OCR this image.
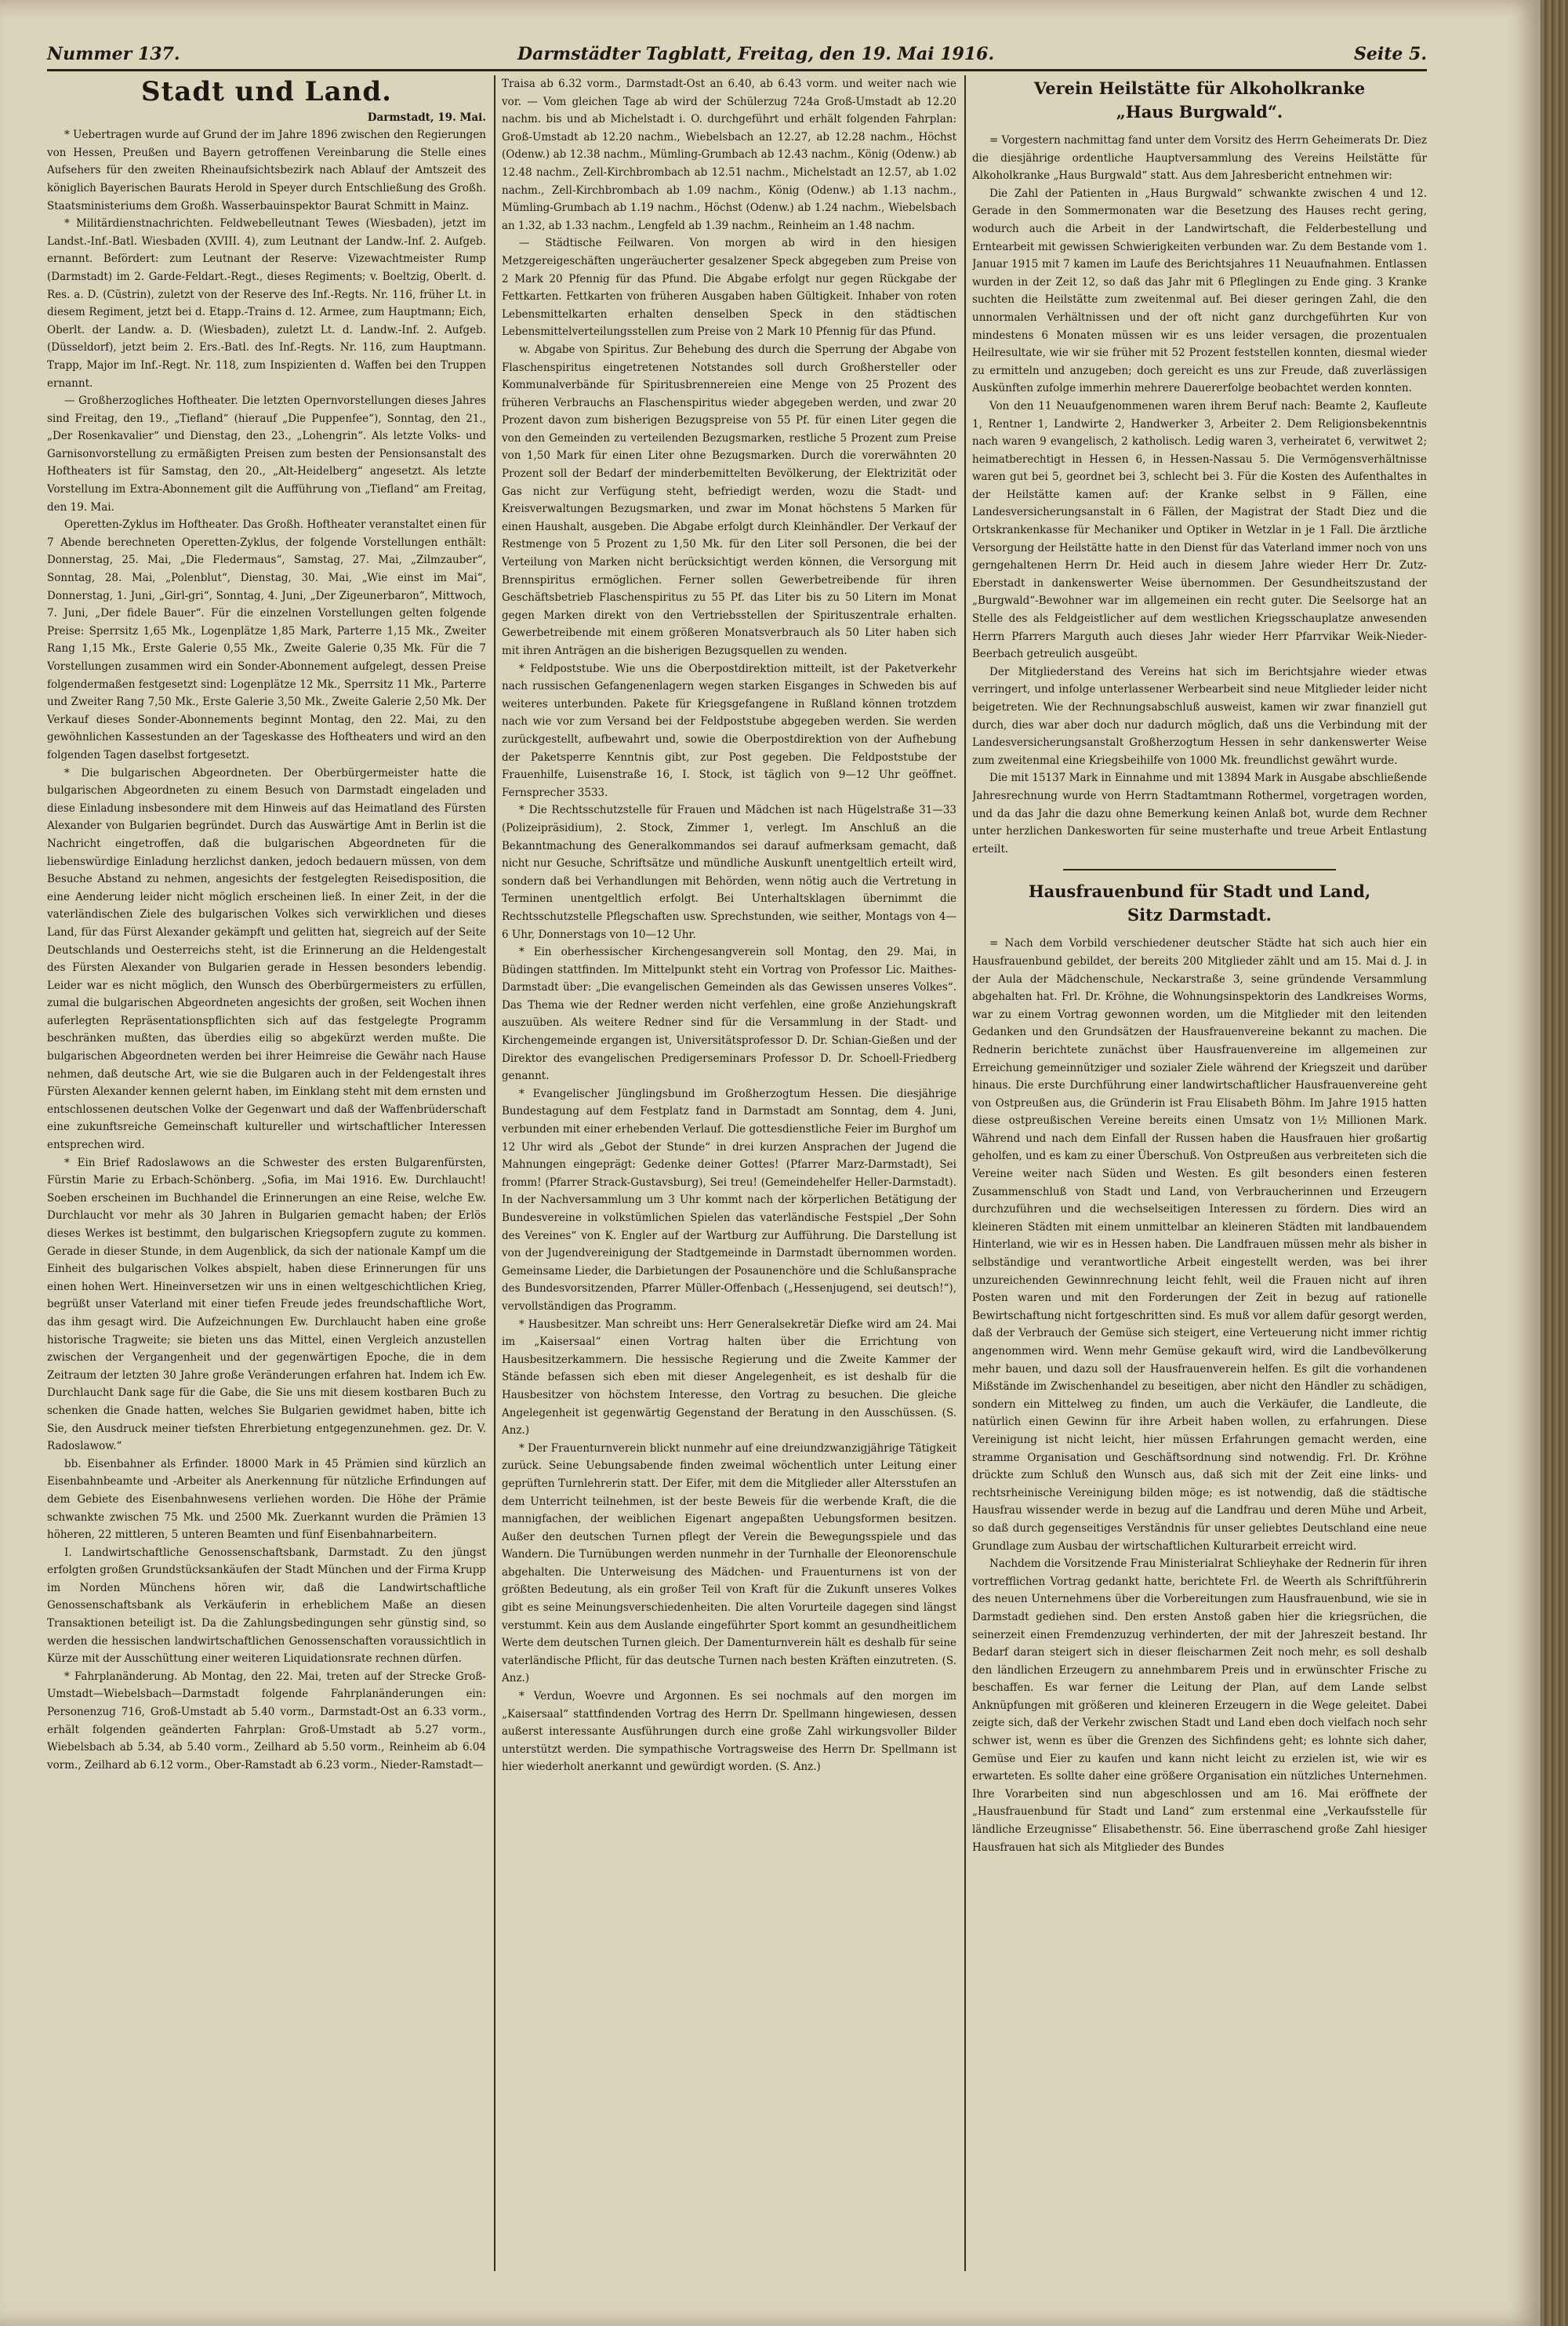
Nummer 137.	Darmstädter Tagblatt, Freitag, den 19. Mai 1916.	Seite 5.
Stadt und Land.

Darmstadt, 19. Mai.

* Uebertragen wurde auf Grund der im Jahre 1896 zwischen den Regierungen von Hessen, Preußen und Bayern getroffenen Vereinbarung die Stelle eines Aufsehers für den zweiten Rheinaufsichtsbezirk nach Ablauf der Amtszeit des königlich Bayerischen Baurats Herold in Speyer durch Entschließung des Großh. Staatsministeriums dem Großh. Wasserbauinspektor Baurat Schmitt in Mainz.

* Militärdienstnachrichten. Feldwebelleutnant Tewes (Wiesbaden), jetzt im Landst.-Inf.-Batl. Wiesbaden (XVIII. 4), zum Leutnant der Landw.-Inf. 2. Aufgeb. ernannt. Befördert: zum Leutnant der Reserve: Vizewachtmeister Rump (Darmstadt) im 2. Garde-Feldart.-Regt., dieses Regiments; v. Boeltzig, Oberlt. d. Res. a. D. (Cüstrin), zuletzt von der Reserve des Inf.-Regts. Nr. 116, früher Lt. in diesem Regiment, jetzt bei d. Etapp.-Trains d. 12. Armee, zum Hauptmann; Eich, Oberlt. der Landw. a. D. (Wiesbaden), zuletzt Lt. d. Landw.-Inf. 2. Aufgeb. (Düsseldorf), jetzt beim 2. Ers.-Batl. des Inf.-Regts. Nr. 116, zum Hauptmann. Trapp, Major im Inf.-Regt. Nr. 118, zum Inspizienten d. Waffen bei den Truppen ernannt.

— Großherzogliches Hoftheater. Die letzten Opernvorstellungen dieses Jahres sind Freitag, den 19., „Tiefland“ (hierauf „Die Puppenfee“), Sonntag, den 21., „Der Rosenkavalier“ und Dienstag, den 23., „Lohengrin“. Als letzte Volks- und Garnisonvorstellung zu ermäßigten Preisen zum besten der Pensionsanstalt des Hoftheaters ist für Samstag, den 20., „Alt-Heidelberg“ angesetzt. Als letzte Vorstellung im Extra-Abonnement gilt die Aufführung von „Tiefland“ am Freitag, den 19. Mai.

Operetten-Zyklus im Hoftheater. Das Großh. Hoftheater veranstaltet einen für 7 Abende berechneten Operetten-Zyklus, der folgende Vorstellungen enthält: Donnerstag, 25. Mai, „Die Fledermaus“, Samstag, 27. Mai, „Zilmzauber“, Sonntag, 28. Mai, „Polenblut“, Dienstag, 30. Mai, „Wie einst im Mai“, Donnerstag, 1. Juni, „Girl-gri“, Sonntag, 4. Juni, „Der Zigeunerbaron“, Mittwoch, 7. Juni, „Der fidele Bauer“. Für die einzelnen Vorstellungen gelten folgende Preise: Sperrsitz 1,65 Mk., Logenplätze 1,85 Mark, Parterre 1,15 Mk., Zweiter Rang 1,15 Mk., Erste Galerie 0,55 Mk., Zweite Galerie 0,35 Mk. Für die 7 Vorstellungen zusammen wird ein Sonder-Abonnement aufgelegt, dessen Preise folgendermaßen festgesetzt sind: Logenplätze 12 Mk., Sperrsitz 11 Mk., Parterre und Zweiter Rang 7,50 Mk., Erste Galerie 3,50 Mk., Zweite Galerie 2,50 Mk. Der Verkauf dieses Sonder-Abonnements beginnt Montag, den 22. Mai, zu den gewöhnlichen Kassestunden an der Tageskasse des Hoftheaters und wird an den folgenden Tagen daselbst fortgesetzt.

* Die bulgarischen Abgeordneten. Der Oberbürgermeister hatte die bulgarischen Abgeordneten zu einem Besuch von Darmstadt eingeladen und diese Einladung insbesondere mit dem Hinweis auf das Heimatland des Fürsten Alexander von Bulgarien begründet. Durch das Auswärtige Amt in Berlin ist die Nachricht eingetroffen, daß die bulgarischen Abgeordneten für die liebenswürdige Einladung herzlichst danken, jedoch bedauern müssen, von dem Besuche Abstand zu nehmen, angesichts der festgelegten Reisedisposition, die eine Aenderung leider nicht möglich erscheinen ließ. In einer Zeit, in der die vaterländischen Ziele des bulgarischen Volkes sich verwirklichen und dieses Land, für das Fürst Alexander gekämpft und gelitten hat, siegreich auf der Seite Deutschlands und Oesterreichs steht, ist die Erinnerung an die Heldengestalt des Fürsten Alexander von Bulgarien gerade in Hessen besonders lebendig. Leider war es nicht möglich, den Wunsch des Oberbürgermeisters zu erfüllen, zumal die bulgarischen Abgeordneten angesichts der großen, seit Wochen ihnen auferlegten Repräsentationspflichten sich auf das festgelegte Programm beschränken mußten, das überdies eilig so abgekürzt werden mußte. Die bulgarischen Abgeordneten werden bei ihrer Heimreise die Gewähr nach Hause nehmen, daß deutsche Art, wie sie die Bulgaren auch in der Feldengestalt ihres Fürsten Alexander kennen gelernt haben, im Einklang steht mit dem ernsten und entschlossenen deutschen Volke der Gegenwart und daß der Waffenbrüderschaft eine zukunftsreiche Gemeinschaft kultureller und wirtschaftlicher Interessen entsprechen wird.

* Ein Brief Radoslawows an die Schwester des ersten Bulgarenfürsten, Fürstin Marie zu Erbach-Schönberg. „Sofia, im Mai 1916. Ew. Durchlaucht! Soeben erscheinen im Buchhandel die Erinnerungen an eine Reise, welche Ew. Durchlaucht vor mehr als 30 Jahren in Bulgarien gemacht haben; der Erlös dieses Werkes ist bestimmt, den bulgarischen Kriegsopfern zugute zu kommen. Gerade in dieser Stunde, in dem Augenblick, da sich der nationale Kampf um die Einheit des bulgarischen Volkes abspielt, haben diese Erinnerungen für uns einen hohen Wert. Hineinversetzen wir uns in einen weltgeschichtlichen Krieg, begrüßt unser Vaterland mit einer tiefen Freude jedes freundschaftliche Wort, das ihm gesagt wird. Die Aufzeichnungen Ew. Durchlaucht haben eine große historische Tragweite; sie bieten uns das Mittel, einen Vergleich anzustellen zwischen der Vergangenheit und der gegenwärtigen Epoche, die in dem Zeitraum der letzten 30 Jahre große Veränderungen erfahren hat. Indem ich Ew. Durchlaucht Dank sage für die Gabe, die Sie uns mit diesem kostbaren Buch zu schenken die Gnade hatten, welches Sie Bulgarien gewidmet haben, bitte ich Sie, den Ausdruck meiner tiefsten Ehrerbietung entgegenzunehmen. gez. Dr. V. Radoslawow.“

bb. Eisenbahner als Erfinder. 18000 Mark in 45 Prämien sind kürzlich an Eisenbahnbeamte und -Arbeiter als Anerkennung für nützliche Erfindungen auf dem Gebiete des Eisenbahnwesens verliehen worden. Die Höhe der Prämie schwankte zwischen 75 Mk. und 2500 Mk. Zuerkannt wurden die Prämien 13 höheren, 22 mittleren, 5 unteren Beamten und fünf Eisenbahnarbeitern.

I. Landwirtschaftliche Genossenschaftsbank, Darmstadt. Zu den jüngst erfolgten großen Grundstücksankäufen der Stadt München und der Firma Krupp im Norden Münchens hören wir, daß die Landwirtschaftliche Genossenschaftsbank als Verkäuferin in erheblichem Maße an diesen Transaktionen beteiligt ist. Da die Zahlungsbedingungen sehr günstig sind, so werden die hessischen landwirtschaftlichen Genossenschaften voraussichtlich in Kürze mit der Ausschüttung einer weiteren Liquidationsrate rechnen dürfen.

* Fahrplanänderung. Ab Montag, den 22. Mai, treten auf der Strecke Groß-Umstadt—Wiebelsbach—Darmstadt folgende Fahrplanänderungen ein: Personenzug 716, Groß-Umstadt ab 5.40 vorm., Darmstadt-Ost an 6.33 vorm., erhält folgenden geänderten Fahrplan: Groß-Umstadt ab 5.27 vorm., Wiebelsbach ab 5.34, ab 5.40 vorm., Zeilhard ab 5.50 vorm., Reinheim ab 6.04 vorm., Zeilhard ab 6.12 vorm., Ober-Ramstadt ab 6.23 vorm., Nieder-Ramstadt—

Traisa ab 6.32 vorm., Darmstadt-Ost an 6.40, ab 6.43 vorm. und weiter nach wie vor. — Vom gleichen Tage ab wird der Schülerzug 724a Groß-Umstadt ab 12.20 nachm. bis und ab Michelstadt i. O. durchgeführt und erhält folgenden Fahrplan: Groß-Umstadt ab 12.20 nachm., Wiebelsbach an 12.27, ab 12.28 nachm., Höchst (Odenw.) ab 12.38 nachm., Mümling-Grumbach ab 12.43 nachm., König (Odenw.) ab 12.48 nachm., Zell-Kirchbrombach ab 12.51 nachm., Michelstadt an 12.57, ab 1.02 nachm., Zell-Kirchbrombach ab 1.09 nachm., König (Odenw.) ab 1.13 nachm., Mümling-Grumbach ab 1.19 nachm., Höchst (Odenw.) ab 1.24 nachm., Wiebelsbach an 1.32, ab 1.33 nachm., Lengfeld ab 1.39 nachm., Reinheim an 1.48 nachm.

— Städtische Feilwaren. Von morgen ab wird in den hiesigen Metzgereigeschäften ungeräucherter gesalzener Speck abgegeben zum Preise von 2 Mark 20 Pfennig für das Pfund. Die Abgabe erfolgt nur gegen Rückgabe der Fettkarten. Fettkarten von früheren Ausgaben haben Gültigkeit. Inhaber von roten Lebensmittelkarten erhalten denselben Speck in den städtischen Lebensmittelverteilungsstellen zum Preise von 2 Mark 10 Pfennig für das Pfund.

w. Abgabe von Spiritus. Zur Behebung des durch die Sperrung der Abgabe von Flaschenspiritus eingetretenen Notstandes soll durch Großhersteller oder Kommunalverbände für Spiritusbrennereien eine Menge von 25 Prozent des früheren Verbrauchs an Flaschenspiritus wieder abgegeben werden, und zwar 20 Prozent davon zum bisherigen Bezugspreise von 55 Pf. für einen Liter gegen die von den Gemeinden zu verteilenden Bezugsmarken, restliche 5 Prozent zum Preise von 1,50 Mark für einen Liter ohne Bezugsmarken. Durch die vorerwähnten 20 Prozent soll der Bedarf der minderbemittelten Bevölkerung, der Elektrizität oder Gas nicht zur Verfügung steht, befriedigt werden, wozu die Stadt- und Kreisverwaltungen Bezugsmarken, und zwar im Monat höchstens 5 Marken für einen Haushalt, ausgeben. Die Abgabe erfolgt durch Kleinhändler. Der Verkauf der Restmenge von 5 Prozent zu 1,50 Mk. für den Liter soll Personen, die bei der Verteilung von Marken nicht berücksichtigt werden können, die Versorgung mit Brennspiritus ermöglichen. Ferner sollen Gewerbetreibende für ihren Geschäftsbetrieb Flaschenspiritus zu 55 Pf. das Liter bis zu 50 Litern im Monat gegen Marken direkt von den Vertriebsstellen der Spirituszentrale erhalten. Gewerbetreibende mit einem größeren Monatsverbrauch als 50 Liter haben sich mit ihren Anträgen an die bisherigen Bezugsquellen zu wenden.

* Feldpoststube. Wie uns die Oberpostdirektion mitteilt, ist der Paketverkehr nach russischen Gefangenenlagern wegen starken Eisganges in Schweden bis auf weiteres unterbunden. Pakete für Kriegsgefangene in Rußland können trotzdem nach wie vor zum Versand bei der Feldpoststube abgegeben werden. Sie werden zurückgestellt, aufbewahrt und, sowie die Oberpostdirektion von der Aufhebung der Paketsperre Kenntnis gibt, zur Post gegeben. Die Feldpoststube der Frauenhilfe, Luisenstraße 16, I. Stock, ist täglich von 9—12 Uhr geöffnet. Fernsprecher 3533.

* Die Rechtsschutzstelle für Frauen und Mädchen ist nach Hügelstraße 31—33 (Polizeipräsidium), 2. Stock, Zimmer 1, verlegt. Im Anschluß an die Bekanntmachung des Generalkommandos sei darauf aufmerksam gemacht, daß nicht nur Gesuche, Schriftsätze und mündliche Auskunft unentgeltlich erteilt wird, sondern daß bei Verhandlungen mit Behörden, wenn nötig auch die Vertretung in Terminen unentgeltlich erfolgt. Bei Unterhaltsklagen übernimmt die Rechtsschutzstelle Pflegschaften usw. Sprechstunden, wie seither, Montags von 4—6 Uhr, Donnerstags von 10—12 Uhr.

* Ein oberhessischer Kirchengesangverein soll Montag, den 29. Mai, in Büdingen stattfinden. Im Mittelpunkt steht ein Vortrag von Professor Lic. Maithes-Darmstadt über: „Die evangelischen Gemeinden als das Gewissen unseres Volkes“. Das Thema wie der Redner werden nicht verfehlen, eine große Anziehungskraft auszuüben. Als weitere Redner sind für die Versammlung in der Stadt- und Kirchengemeinde ergangen ist, Universitätsprofessor D. Dr. Schian-Gießen und der Direktor des evangelischen Predigerseminars Professor D. Dr. Schoell-Friedberg genannt.

* Evangelischer Jünglingsbund im Großherzogtum Hessen. Die diesjährige Bundestagung auf dem Festplatz fand in Darmstadt am Sonntag, dem 4. Juni, verbunden mit einer erhebenden Verlauf. Die gottesdienstliche Feier im Burghof um 12 Uhr wird als „Gebot der Stunde“ in drei kurzen Ansprachen der Jugend die Mahnungen eingeprägt: Gedenke deiner Gottes! (Pfarrer Marz-Darmstadt), Sei fromm! (Pfarrer Strack-Gustavsburg), Sei treu! (Gemeindehelfer Heller-Darmstadt). In der Nachversammlung um 3 Uhr kommt nach der körperlichen Betätigung der Bundesvereine in volkstümlichen Spielen das vaterländische Festspiel „Der Sohn des Vereines“ von K. Engler auf der Wartburg zur Aufführung. Die Darstellung ist von der Jugendvereinigung der Stadtgemeinde in Darmstadt übernommen worden. Gemeinsame Lieder, die Darbietungen der Posaunenchöre und die Schlußansprache des Bundesvorsitzenden, Pfarrer Müller-Offenbach („Hessenjugend, sei deutsch!“), vervollständigen das Programm.

* Hausbesitzer. Man schreibt uns: Herr Generalsekretär Diefke wird am 24. Mai im „Kaisersaal“ einen Vortrag halten über die Errichtung von Hausbesitzerkammern. Die hessische Regierung und die Zweite Kammer der Stände befassen sich eben mit dieser Angelegenheit, es ist deshalb für die Hausbesitzer von höchstem Interesse, den Vortrag zu besuchen. Die gleiche Angelegenheit ist gegenwärtig Gegenstand der Beratung in den Ausschüssen. (S. Anz.)

* Der Frauenturnverein blickt nunmehr auf eine dreiundzwanzigjährige Tätigkeit zurück. Seine Uebungsabende finden zweimal wöchentlich unter Leitung einer geprüften Turnlehrerin statt. Der Eifer, mit dem die Mitglieder aller Altersstufen an dem Unterricht teilnehmen, ist der beste Beweis für die werbende Kraft, die die mannigfachen, der weiblichen Eigenart angepaßten Uebungsformen besitzen. Außer den deutschen Turnen pflegt der Verein die Bewegungsspiele und das Wandern. Die Turnübungen werden nunmehr in der Turnhalle der Eleonorenschule abgehalten. Die Unterweisung des Mädchen- und Frauenturnens ist von der größten Bedeutung, als ein großer Teil von Kraft für die Zukunft unseres Volkes gibt es seine Meinungsverschiedenheiten. Die alten Vorurteile dagegen sind längst verstummt. Kein aus dem Auslande eingeführter Sport kommt an gesundheitlichem Werte dem deutschen Turnen gleich. Der Damenturnverein hält es deshalb für seine vaterländische Pflicht, für das deutsche Turnen nach besten Kräften einzutreten. (S. Anz.)

* Verdun, Woevre und Argonnen. Es sei nochmals auf den morgen im „Kaisersaal“ stattfindenden Vortrag des Herrn Dr. Spellmann hingewiesen, dessen außerst interessante Ausführungen durch eine große Zahl wirkungsvoller Bilder unterstützt werden. Die sympathische Vortragsweise des Herrn Dr. Spellmann ist hier wiederholt anerkannt und gewürdigt worden. (S. Anz.)

Verein Heilstätte für Alkoholkranke
„Haus Burgwald“.

= Vorgestern nachmittag fand unter dem Vorsitz des Herrn Geheimerats Dr. Diez die diesjährige ordentliche Hauptversammlung des Vereins Heilstätte für Alkoholkranke „Haus Burgwald“ statt. Aus dem Jahresbericht entnehmen wir:

Die Zahl der Patienten in „Haus Burgwald“ schwankte zwischen 4 und 12. Gerade in den Sommermonaten war die Besetzung des Hauses recht gering, wodurch auch die Arbeit in der Landwirtschaft, die Felderbestellung und Erntearbeit mit gewissen Schwierigkeiten verbunden war. Zu dem Bestande vom 1. Januar 1915 mit 7 kamen im Laufe des Berichtsjahres 11 Neuaufnahmen. Entlassen wurden in der Zeit 12, so daß das Jahr mit 6 Pfleglingen zu Ende ging. 3 Kranke suchten die Heilstätte zum zweitenmal auf. Bei dieser geringen Zahl, die den unnormalen Verhältnissen und der oft nicht ganz durchgeführten Kur von mindestens 6 Monaten müssen wir es uns leider versagen, die prozentualen Heilresultate, wie wir sie früher mit 52 Prozent feststellen konnten, diesmal wieder zu ermitteln und anzugeben; doch gereicht es uns zur Freude, daß zuverlässigen Auskünften zufolge immerhin mehrere Dauererfolge beobachtet werden konnten.

Von den 11 Neuaufgenommenen waren ihrem Beruf nach: Beamte 2, Kaufleute 1, Rentner 1, Landwirte 2, Handwerker 3, Arbeiter 2. Dem Religionsbekenntnis nach waren 9 evangelisch, 2 katholisch. Ledig waren 3, verheiratet 6, verwitwet 2; heimatberechtigt in Hessen 6, in Hessen-Nassau 5. Die Vermögensverhältnisse waren gut bei 5, geordnet bei 3, schlecht bei 3. Für die Kosten des Aufenthaltes in der Heilstätte kamen auf: der Kranke selbst in 9 Fällen, eine Landesversicherungsanstalt in 6 Fällen, der Magistrat der Stadt Diez und die Ortskrankenkasse für Mechaniker und Optiker in Wetzlar in je 1 Fall. Die ärztliche Versorgung der Heilstätte hatte in den Dienst für das Vaterland immer noch von uns gerngehaltenen Herrn Dr. Heid auch in diesem Jahre wieder Herr Dr. Zutz-Eberstadt in dankenswerter Weise übernommen. Der Gesundheitszustand der „Burgwald“-Bewohner war im allgemeinen ein recht guter. Die Seelsorge hat an Stelle des als Feldgeistlicher auf dem westlichen Kriegsschauplatze anwesenden Herrn Pfarrers Marguth auch dieses Jahr wieder Herr Pfarrvikar Weik-Nieder-Beerbach getreulich ausgeübt.

Der Mitgliederstand des Vereins hat sich im Berichtsjahre wieder etwas verringert, und infolge unterlassener Werbearbeit sind neue Mitglieder leider nicht beigetreten. Wie der Rechnungsabschluß ausweist, kamen wir zwar finanziell gut durch, dies war aber doch nur dadurch möglich, daß uns die Verbindung mit der Landesversicherungsanstalt Großherzogtum Hessen in sehr dankenswerter Weise zum zweitenmal eine Kriegsbeihilfe von 1000 Mk. freundlichst gewährt wurde.

Die mit 15137 Mark in Einnahme und mit 13894 Mark in Ausgabe abschließende Jahresrechnung wurde von Herrn Stadtamtmann Rothermel, vorgetragen worden, und da das Jahr die dazu ohne Bemerkung keinen Anlaß bot, wurde dem Rechner unter herzlichen Dankesworten für seine musterhafte und treue Arbeit Entlastung erteilt.

Hausfrauenbund für Stadt und Land,
Sitz Darmstadt.

= Nach dem Vorbild verschiedener deutscher Städte hat sich auch hier ein Hausfrauenbund gebildet, der bereits 200 Mitglieder zählt und am 15. Mai d. J. in der Aula der Mädchenschule, Neckarstraße 3, seine gründende Versammlung abgehalten hat. Frl. Dr. Kröhne, die Wohnungsinspektorin des Landkreises Worms, war zu einem Vortrag gewonnen worden, um die Mitglieder mit den leitenden Gedanken und den Grundsätzen der Hausfrauenvereine bekannt zu machen. Die Rednerin berichtete zunächst über Hausfrauenvereine im allgemeinen zur Erreichung gemeinnütziger und sozialer Ziele während der Kriegszeit und darüber hinaus. Die erste Durchführung einer landwirtschaftlicher Hausfrauenvereine geht von Ostpreußen aus, die Gründerin ist Frau Elisabeth Böhm. Im Jahre 1915 hatten diese ostpreußischen Vereine bereits einen Umsatz von 1½ Millionen Mark. Während und nach dem Einfall der Russen haben die Hausfrauen hier großartig geholfen, und es kam zu einer Überschuß. Von Ostpreußen aus verbreiteten sich die Vereine weiter nach Süden und Westen. Es gilt besonders einen festeren Zusammenschluß von Stadt und Land, von Verbraucherinnen und Erzeugern durchzuführen und die wechselseitigen Interessen zu fördern. Dies wird an kleineren Städten mit einem unmittelbar an kleineren Städten mit landbauendem Hinterland, wie wir es in Hessen haben. Die Landfrauen müssen mehr als bisher in selbständige und verantwortliche Arbeit eingestellt werden, was bei ihrer unzureichenden Gewinnrechnung leicht fehlt, weil die Frauen nicht auf ihren Posten waren und mit den Forderungen der Zeit in bezug auf rationelle Bewirtschaftung nicht fortgeschritten sind. Es muß vor allem dafür gesorgt werden, daß der Verbrauch der Gemüse sich steigert, eine Verteuerung nicht immer richtig angenommen wird. Wenn mehr Gemüse gekauft wird, wird die Landbevölkerung mehr bauen, und dazu soll der Hausfrauenverein helfen. Es gilt die vorhandenen Mißstände im Zwischenhandel zu beseitigen, aber nicht den Händler zu schädigen, sondern ein Mittelweg zu finden, um auch die Verkäufer, die Landleute, die natürlich einen Gewinn für ihre Arbeit haben wollen, zu erfahrungen. Diese Vereinigung ist nicht leicht, hier müssen Erfahrungen gemacht werden, eine stramme Organisation und Geschäftsordnung sind notwendig. Frl. Dr. Kröhne drückte zum Schluß den Wunsch aus, daß sich mit der Zeit eine links- und rechtsrheinische Vereinigung bilden möge; es ist notwendig, daß die städtische Hausfrau wissender werde in bezug auf die Landfrau und deren Mühe und Arbeit, so daß durch gegenseitiges Verständnis für unser geliebtes Deutschland eine neue Grundlage zum Ausbau der wirtschaftlichen Kulturarbeit erreicht wird.

Nachdem die Vorsitzende Frau Ministerialrat Schlieyhake der Rednerin für ihren vortrefflichen Vortrag gedankt hatte, berichtete Frl. de Weerth als Schriftführerin des neuen Unternehmens über die Vorbereitungen zum Hausfrauenbund, wie sie in Darmstadt gediehen sind. Den ersten Anstoß gaben hier die kriegsrüchen, die seinerzeit einen Fremdenzuzug verhinderten, der mit der Jahreszeit bestand. Ihr Bedarf daran steigert sich in dieser fleischarmen Zeit noch mehr, es soll deshalb den ländlichen Erzeugern zu annehmbarem Preis und in erwünschter Frische zu beschaffen. Es war ferner die Leitung der Plan, auf dem Lande selbst Anknüpfungen mit größeren und kleineren Erzeugern in die Wege geleitet. Dabei zeigte sich, daß der Verkehr zwischen Stadt und Land eben doch vielfach noch sehr schwer ist, wenn es über die Grenzen des Sichfindens geht; es lohnte sich daher, Gemüse und Eier zu kaufen und kann nicht leicht zu erzielen ist, wie wir es erwarteten. Es sollte daher eine größere Organisation ein nützliches Unternehmen. Ihre Vorarbeiten sind nun abgeschlossen und am 16. Mai eröffnete der „Hausfrauenbund für Stadt und Land“ zum erstenmal eine „Verkaufsstelle für ländliche Erzeugnisse“ Elisabethenstr. 56. Eine überraschend große Zahl hiesiger Hausfrauen hat sich als Mitglieder des Bundes
